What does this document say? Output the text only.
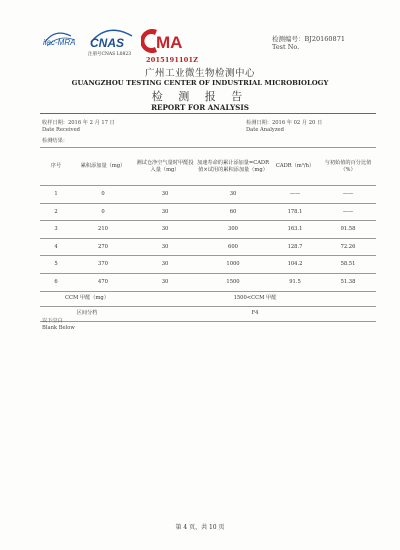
ilac-MRA CNAS
注册号CNAS L0823
MA
2015191101Z
检测编号：BJ20160871
Test No.
广州工业微生物检测中心
GUANGZHOU TESTING CENTER OF INDUSTRIAL MICROBIOLOGY
检 测 报 告
REPORT FOR ANALYSIS
收样日期：2016 年 2 月 17 日
Date Received
检测日期：2016 年 02 月 20 日
Date Analyzed
检测结果：
序号	累积添加量（mg）	测试仓净空气量时甲醛投入量（mg）	加速寿命的累计添加量=CADR值×试用的累积添加量（mg）	CADR（m³/h）	与初始值的百分比值（%）
1	0	30	30	——	——
2	0	30	60	178.1	——
3	210	30	300	163.1	91.58
4	270	30	600	128.7	72.26
5	370	30	1000	104.2	58.51
6	470	30	1500	91.5	51.38
CCM 甲醛（mg）		1500<CCM 甲醛			
区间分档		F4			
以下空白
Blank Below
第 4 页，共 10 页
